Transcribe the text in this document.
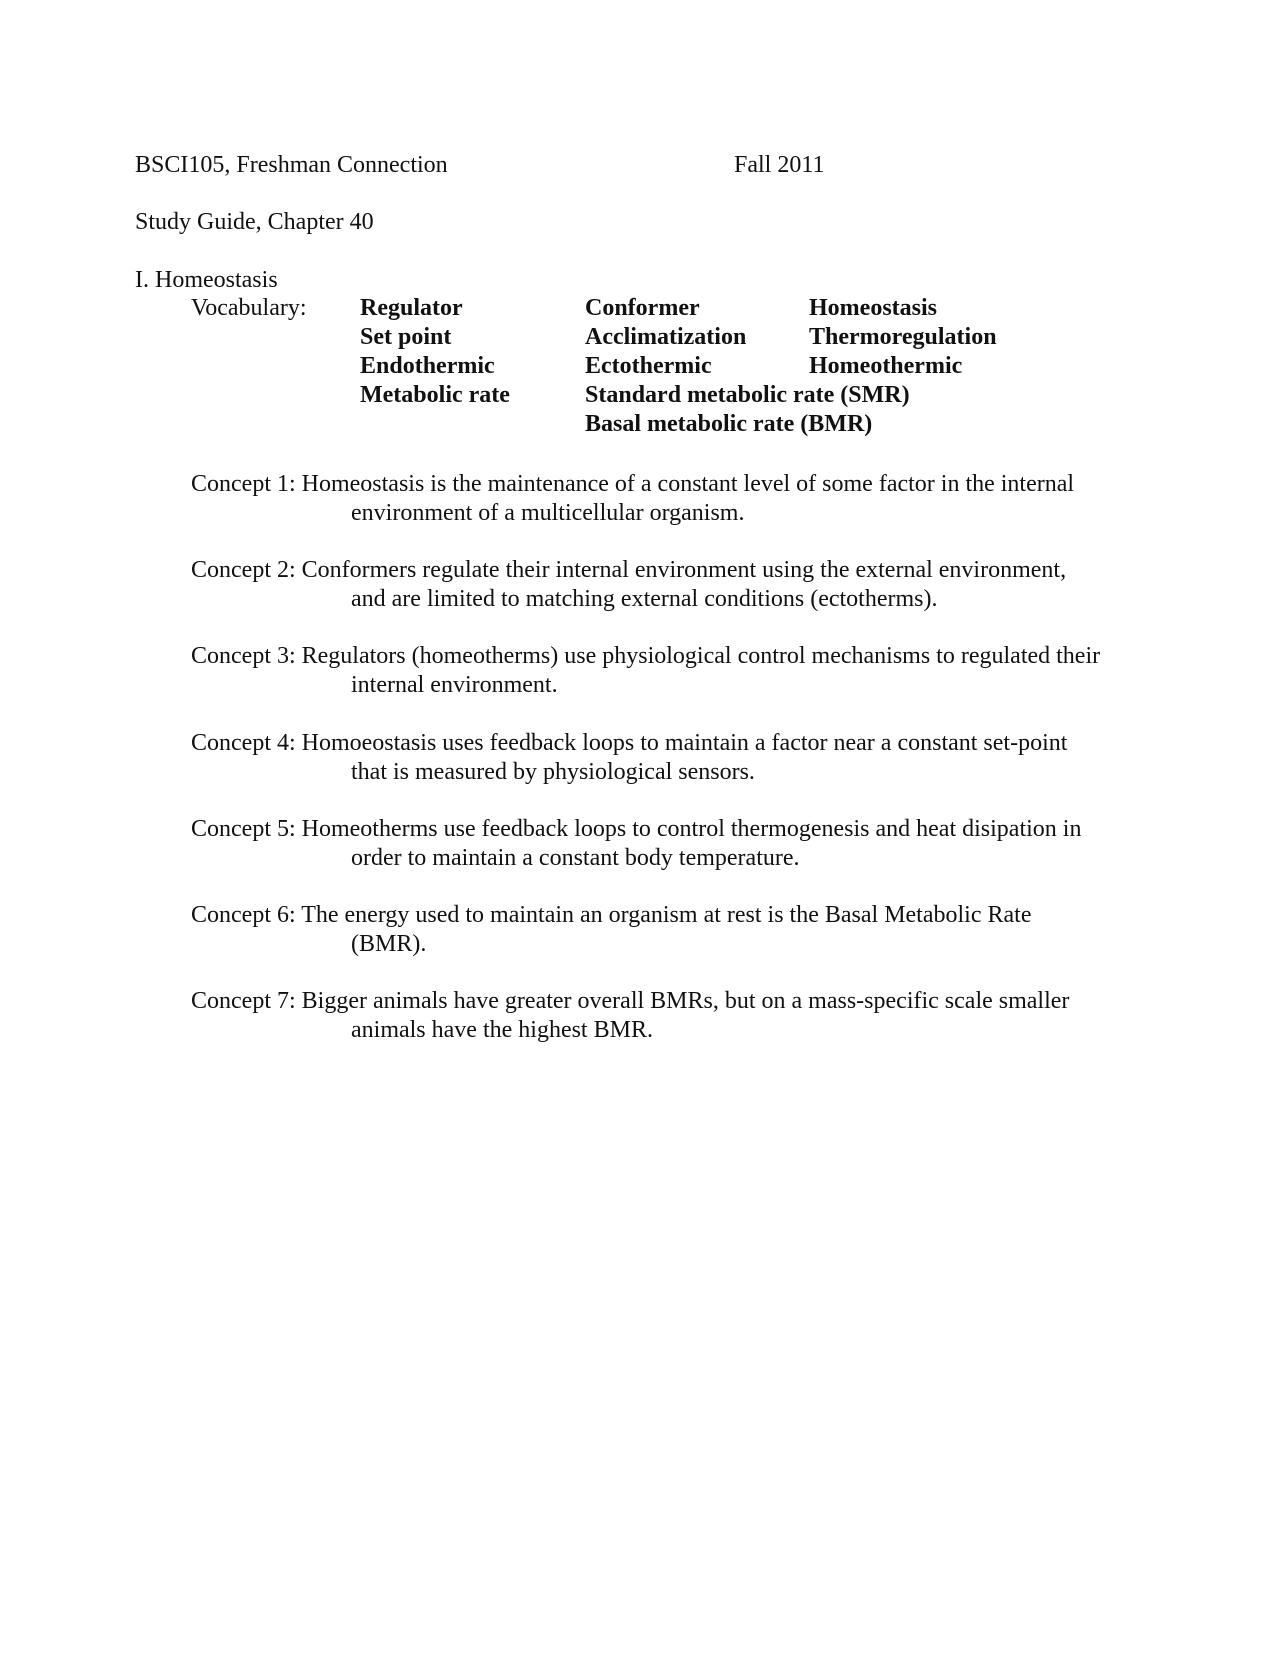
BSCI105, Freshman Connection	Fall 2011
Study Guide, Chapter 40
I. Homeostasis
Vocabulary: Regulator
Set point
Endothermic
Metabolic rate
Conformer
Acclimatization
Ectothermic
Standard metabolic rate (SMR)
Basal metabolic rate (BMR)
Homeostasis
Thermoregulation
Homeothermic
Concept 1: Homeostasis is the maintenance of a constant level of some factor in the internal
environment of a multicellular organism.
Concept 2: Conformers regulate their internal environment using the external environment,
and are limited to matching external conditions (ectotherms).
Concept 3: Regulators (homeotherms) use physiological control mechanisms to regulated their
internal environment.
Concept 4: Homoeostasis uses feedback loops to maintain a factor near a constant set-point
that is measured by physiological sensors.
Concept 5: Homeotherms use feedback loops to control thermogenesis and heat disipation in
order to maintain a constant body temperature.
Concept 6: The energy used to maintain an organism at rest is the Basal Metabolic Rate
(BMR).
Concept 7: Bigger animals have greater overall BMRs, but on a mass-specific scale smaller
animals have the highest BMR.
